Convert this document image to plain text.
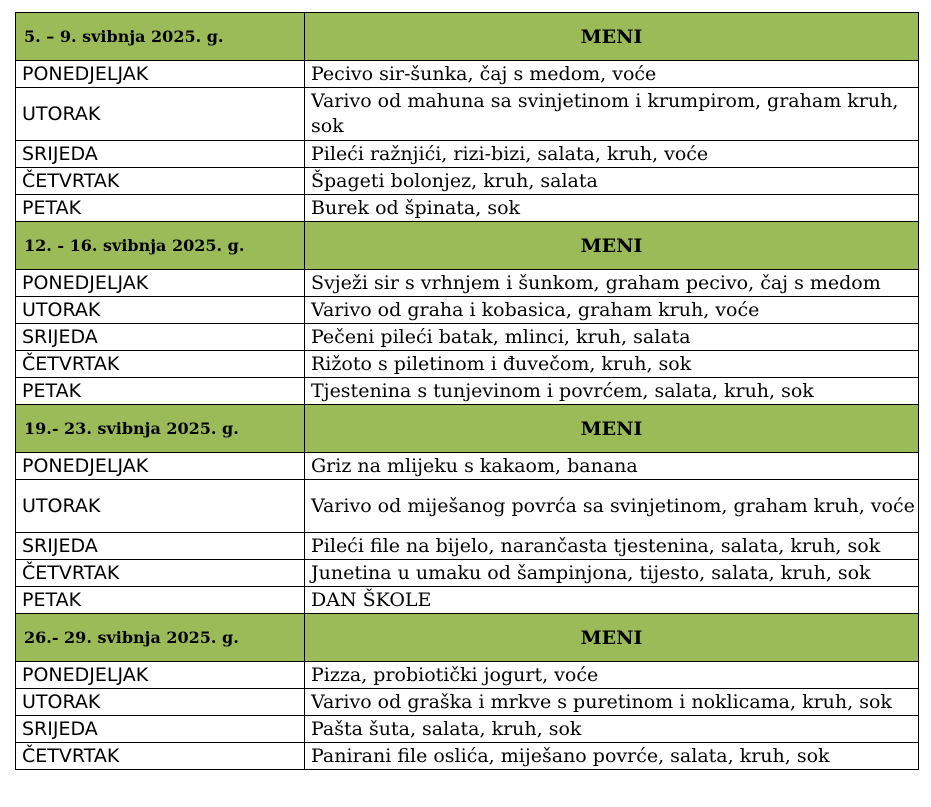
5. – 9. svibnja 2025. g.	MENI
PONEDJELJAK	Pecivo sir-šunka, čaj s medom, voće
UTORAK	Varivo od mahuna sa svinjetinom i krumpirom, graham kruh, sok
SRIJEDA	Pileći ražnjići, rizi-bizi, salata, kruh, voće
ČETVRTAK	Špageti bolonjez, kruh, salata
PETAK	Burek od špinata, sok
12. - 16. svibnja 2025. g.	MENI
PONEDJELJAK	Svježi sir s vrhnjem i šunkom, graham pecivo, čaj s medom
UTORAK	Varivo od graha i kobasica, graham kruh, voće
SRIJEDA	Pečeni pileći batak, mlinci, kruh, salata
ČETVRTAK	Rižoto s piletinom i đuvečom, kruh, sok
PETAK	Tjestenina s tunjevinom i povrćem, salata, kruh, sok
19.- 23. svibnja 2025. g.	MENI
PONEDJELJAK	Griz na mlijeku s kakaom, banana
UTORAK	Varivo od miješanog povrća sa svinjetinom, graham kruh, voće
SRIJEDA	Pileći file na bijelo, narančasta tjestenina, salata, kruh, sok
ČETVRTAK	Junetina u umaku od šampinjona, tijesto, salata, kruh, sok
PETAK	DAN ŠKOLE
26.- 29. svibnja 2025. g.	MENI
PONEDJELJAK	Pizza, probiotički jogurt, voće
UTORAK	Varivo od graška i mrkve s puretinom i noklicama, kruh, sok
SRIJEDA	Pašta šuta, salata, kruh, sok
ČETVRTAK	Panirani file oslića, miješano povrće, salata, kruh, sok
